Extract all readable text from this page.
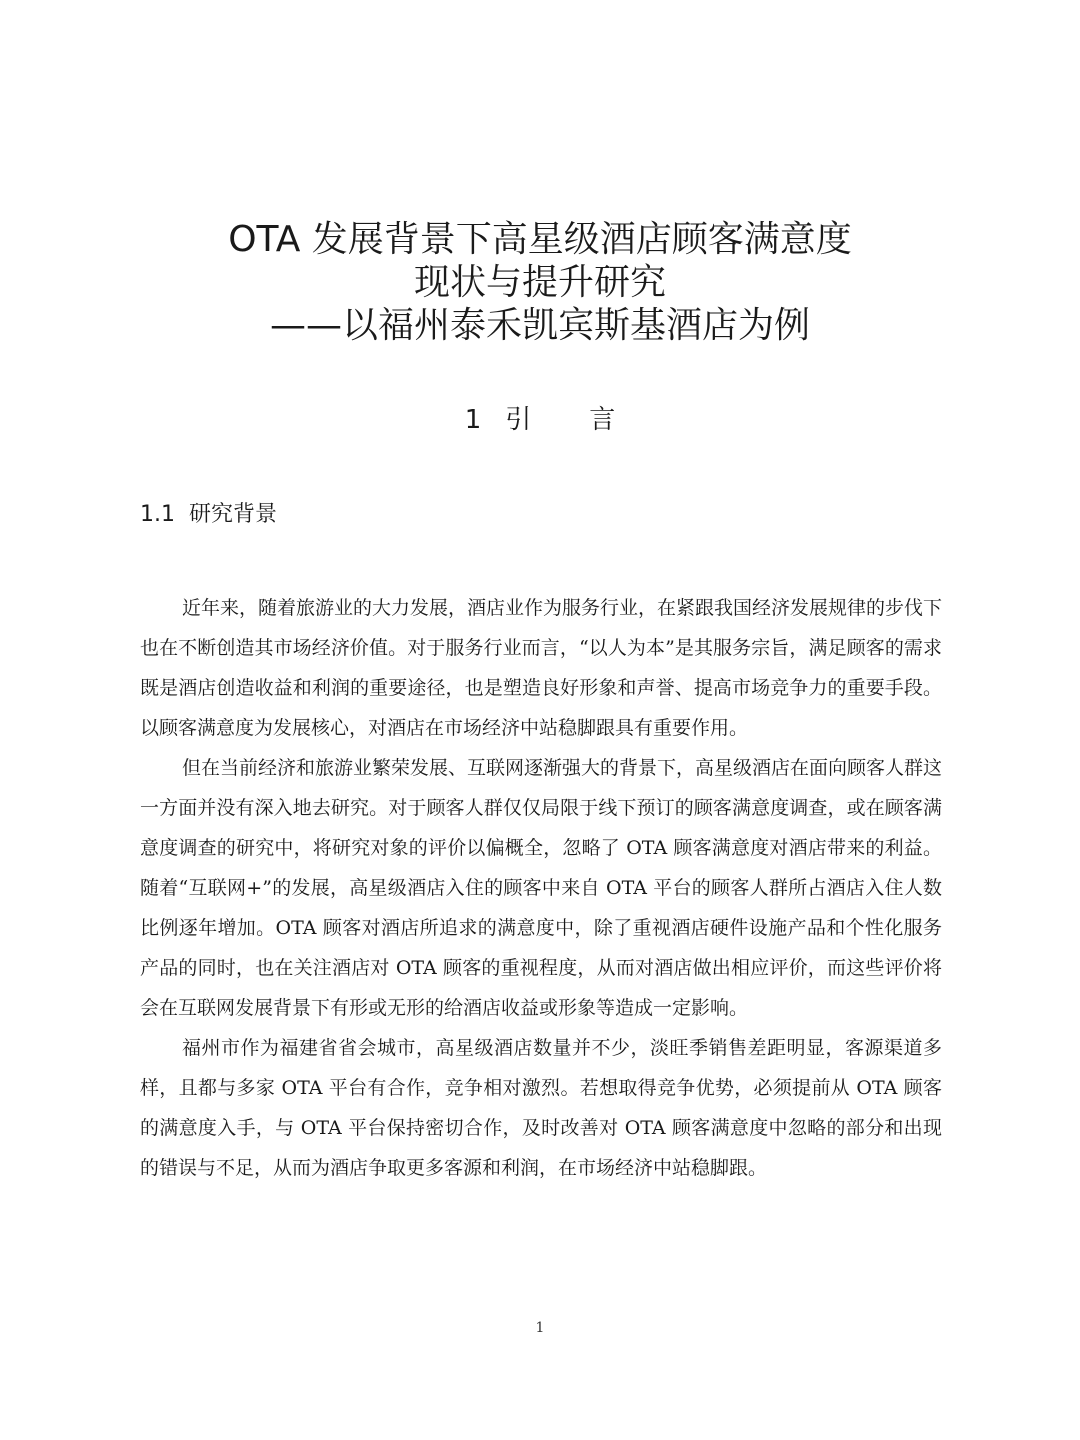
OTA 发展背景下高星级酒店顾客满意度
现状与提升研究
——以福州泰禾凯宾斯基酒店为例
1 引 言
1.1 研究背景

近年来，随着旅游业的大力发展，酒店业作为服务行业，在紧跟我国经济发展规律的步伐下也在不断创造其市场经济价值。对于服务行业而言，“以人为本”是其服务宗旨，满足顾客的需求既是酒店创造收益和利润的重要途径，也是塑造良好形象和声誉、提高市场竞争力的重要手段。以顾客满意度为发展核心，对酒店在市场经济中站稳脚跟具有重要作用。

但在当前经济和旅游业繁荣发展、互联网逐渐强大的背景下，高星级酒店在面向顾客人群这一方面并没有深入地去研究。对于顾客人群仅仅局限于线下预订的顾客满意度调查，或在顾客满意度调查的研究中，将研究对象的评价以偏概全，忽略了 OTA 顾客满意度对酒店带来的利益。随着“互联网+”的发展，高星级酒店入住的顾客中来自 OTA 平台的顾客人群所占酒店入住人数比例逐年增加。OTA 顾客对酒店所追求的满意度中，除了重视酒店硬件设施产品和个性化服务产品的同时，也在关注酒店对 OTA 顾客的重视程度，从而对酒店做出相应评价，而这些评价将会在互联网发展背景下有形或无形的给酒店收益或形象等造成一定影响。

福州市作为福建省省会城市，高星级酒店数量并不少，淡旺季销售差距明显，客源渠道多样，且都与多家 OTA 平台有合作，竞争相对激烈。若想取得竞争优势，必须提前从 OTA 顾客的满意度入手，与 OTA 平台保持密切合作，及时改善对 OTA 顾客满意度中忽略的部分和出现的错误与不足，从而为酒店争取更多客源和利润，在市场经济中站稳脚跟。

1
